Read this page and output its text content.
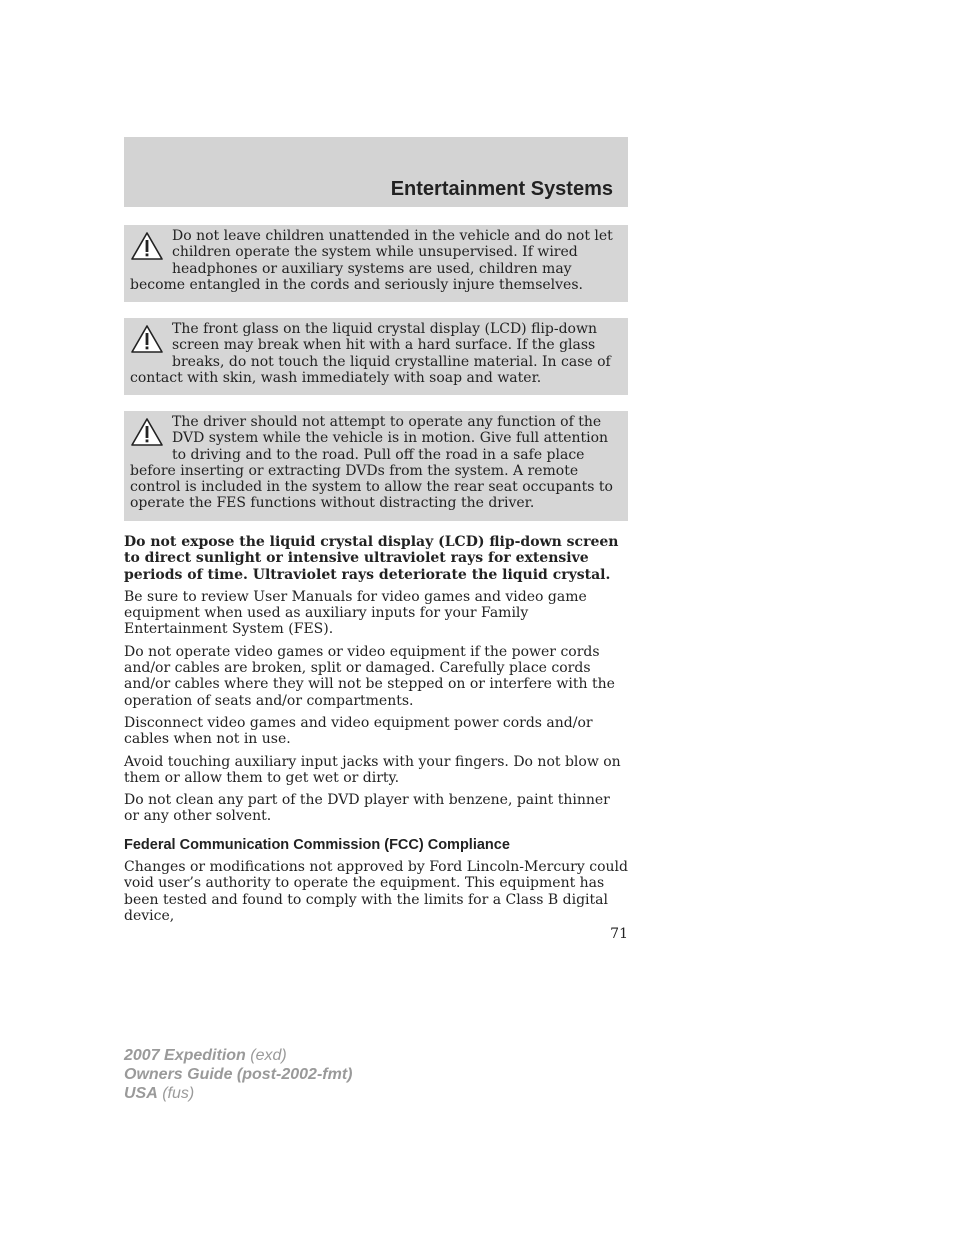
Entertainment Systems
Do not leave children unattended in the vehicle and do not let children operate the system while unsupervised. If wired headphones or auxiliary systems are used, children may become entangled in the cords and seriously injure themselves.
The front glass on the liquid crystal display (LCD) flip-down screen may break when hit with a hard surface. If the glass breaks, do not touch the liquid crystalline material. In case of contact with skin, wash immediately with soap and water.
The driver should not attempt to operate any function of the DVD system while the vehicle is in motion. Give full attention to driving and to the road. Pull off the road in a safe place before inserting or extracting DVDs from the system. A remote control is included in the system to allow the rear seat occupants to operate the FES functions without distracting the driver.

Do not expose the liquid crystal display (LCD) flip-down screen to direct sunlight or intensive ultraviolet rays for extensive periods of time. Ultraviolet rays deteriorate the liquid crystal.

Be sure to review User Manuals for video games and video game equipment when used as auxiliary inputs for your Family Entertainment System (FES).

Do not operate video games or video equipment if the power cords and/or cables are broken, split or damaged. Carefully place cords and/or cables where they will not be stepped on or interfere with the operation of seats and/or compartments.

Disconnect video games and video equipment power cords and/or cables when not in use.

Avoid touching auxiliary input jacks with your fingers. Do not blow on them or allow them to get wet or dirty.

Do not clean any part of the DVD player with benzene, paint thinner or any other solvent.

Federal Communication Commission (FCC) Compliance

Changes or modifications not approved by Ford Lincoln-Mercury could void user’s authority to operate the equipment. This equipment has been tested and found to comply with the limits for a Class B digital device,

71
2007 Expedition (exd)
Owners Guide (post-2002-fmt)
USA (fus)
